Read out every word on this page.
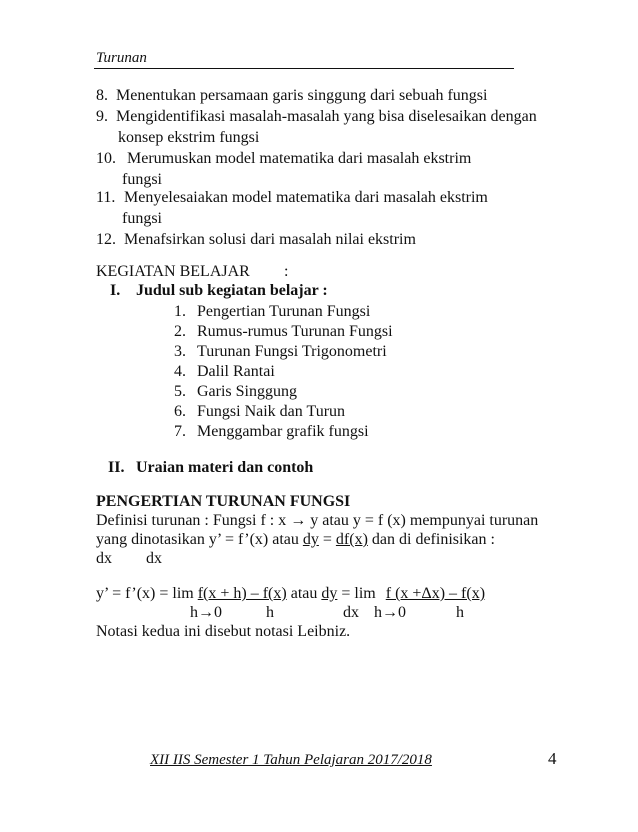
Turunan
8. Menentukan persamaan garis singgung dari sebuah fungsi
9. Mengidentifikasi masalah-masalah yang bisa diselesaikan dengan
konsep ekstrim fungsi
10. Merumuskan model matematika dari masalah ekstrim
fungsi
11. Menyelesaiakan model matematika dari masalah ekstrim
fungsi
12. Menafsirkan solusi dari masalah nilai ekstrim
KEGIATAN BELAJAR :
I. Judul sub kegiatan belajar :
1. Pengertian Turunan Fungsi
2. Rumus-rumus Turunan Fungsi
3. Turunan Fungsi Trigonometri
4. Dalil Rantai
5. Garis Singgung
6. Fungsi Naik dan Turun
7. Menggambar grafik fungsi
II. Uraian materi dan contoh
PENGERTIAN TURUNAN FUNGSI
Definisi turunan : Fungsi f : x → y atau y = f (x) mempunyai turunan
yang dinotasikan y’ = f’(x) atau dy = df(x) dan di definisikan :
dx dx
y’ = f’(x) = lim f(x + h) – f(x) atau dy = lim f (x +Δx) – f(x)
h→0	h	dx h→0	h
Notasi kedua ini disebut notasi Leibniz.
XII IIS Semester 1 Tahun Pelajaran 2017/2018	4
